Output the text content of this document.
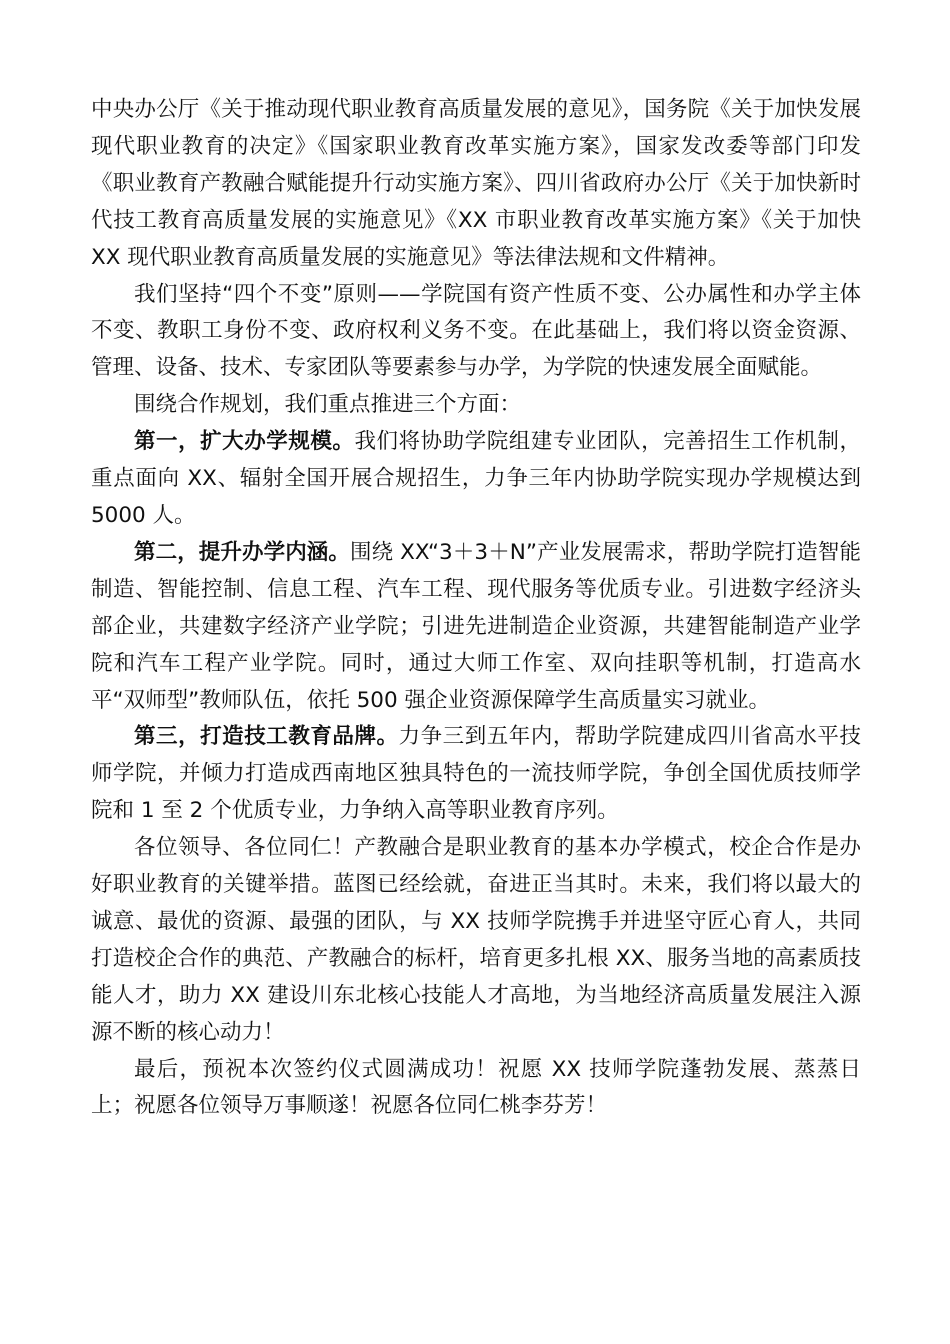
中央办公厅《关于推动现代职业教育高质量发展的意见》，国务院《关于加快发展现代职业教育的决定》《国家职业教育改革实施方案》，国家发改委等部门印发《职业教育产教融合赋能提升行动实施方案》、四川省政府办公厅《关于加快新时代技工教育高质量发展的实施意见》《XX 市职业教育改革实施方案》《关于加快 XX 现代职业教育高质量发展的实施意见》等法律法规和文件精神。

我们坚持“四个不变”原则——学院国有资产性质不变、公办属性和办学主体不变、教职工身份不变、政府权利义务不变。在此基础上，我们将以资金资源、管理、设备、技术、专家团队等要素参与办学，为学院的快速发展全面赋能。

围绕合作规划，我们重点推进三个方面：

第一，扩大办学规模。我们将协助学院组建专业团队，完善招生工作机制，重点面向 XX、辐射全国开展合规招生，力争三年内协助学院实现办学规模达到 5000 人。

第二，提升办学内涵。围绕 XX“3＋3＋N”产业发展需求，帮助学院打造智能制造、智能控制、信息工程、汽车工程、现代服务等优质专业。引进数字经济头部企业，共建数字经济产业学院；引进先进制造企业资源，共建智能制造产业学院和汽车工程产业学院。同时，通过大师工作室、双向挂职等机制，打造高水平“双师型”教师队伍，依托 500 强企业资源保障学生高质量实习就业。

第三，打造技工教育品牌。力争三到五年内，帮助学院建成四川省高水平技师学院，并倾力打造成西南地区独具特色的一流技师学院，争创全国优质技师学院和 1 至 2 个优质专业，力争纳入高等职业教育序列。

各位领导、各位同仁！产教融合是职业教育的基本办学模式，校企合作是办好职业教育的关键举措。蓝图已经绘就，奋进正当其时。未来，我们将以最大的诚意、最优的资源、最强的团队，与 XX 技师学院携手并进坚守匠心育人，共同打造校企合作的典范、产教融合的标杆，培育更多扎根 XX、服务当地的高素质技能人才，助力 XX 建设川东北核心技能人才高地，为当地经济高质量发展注入源源不断的核心动力！

最后，预祝本次签约仪式圆满成功！祝愿 XX 技师学院蓬勃发展、蒸蒸日上；祝愿各位领导万事顺遂！祝愿各位同仁桃李芬芳！
